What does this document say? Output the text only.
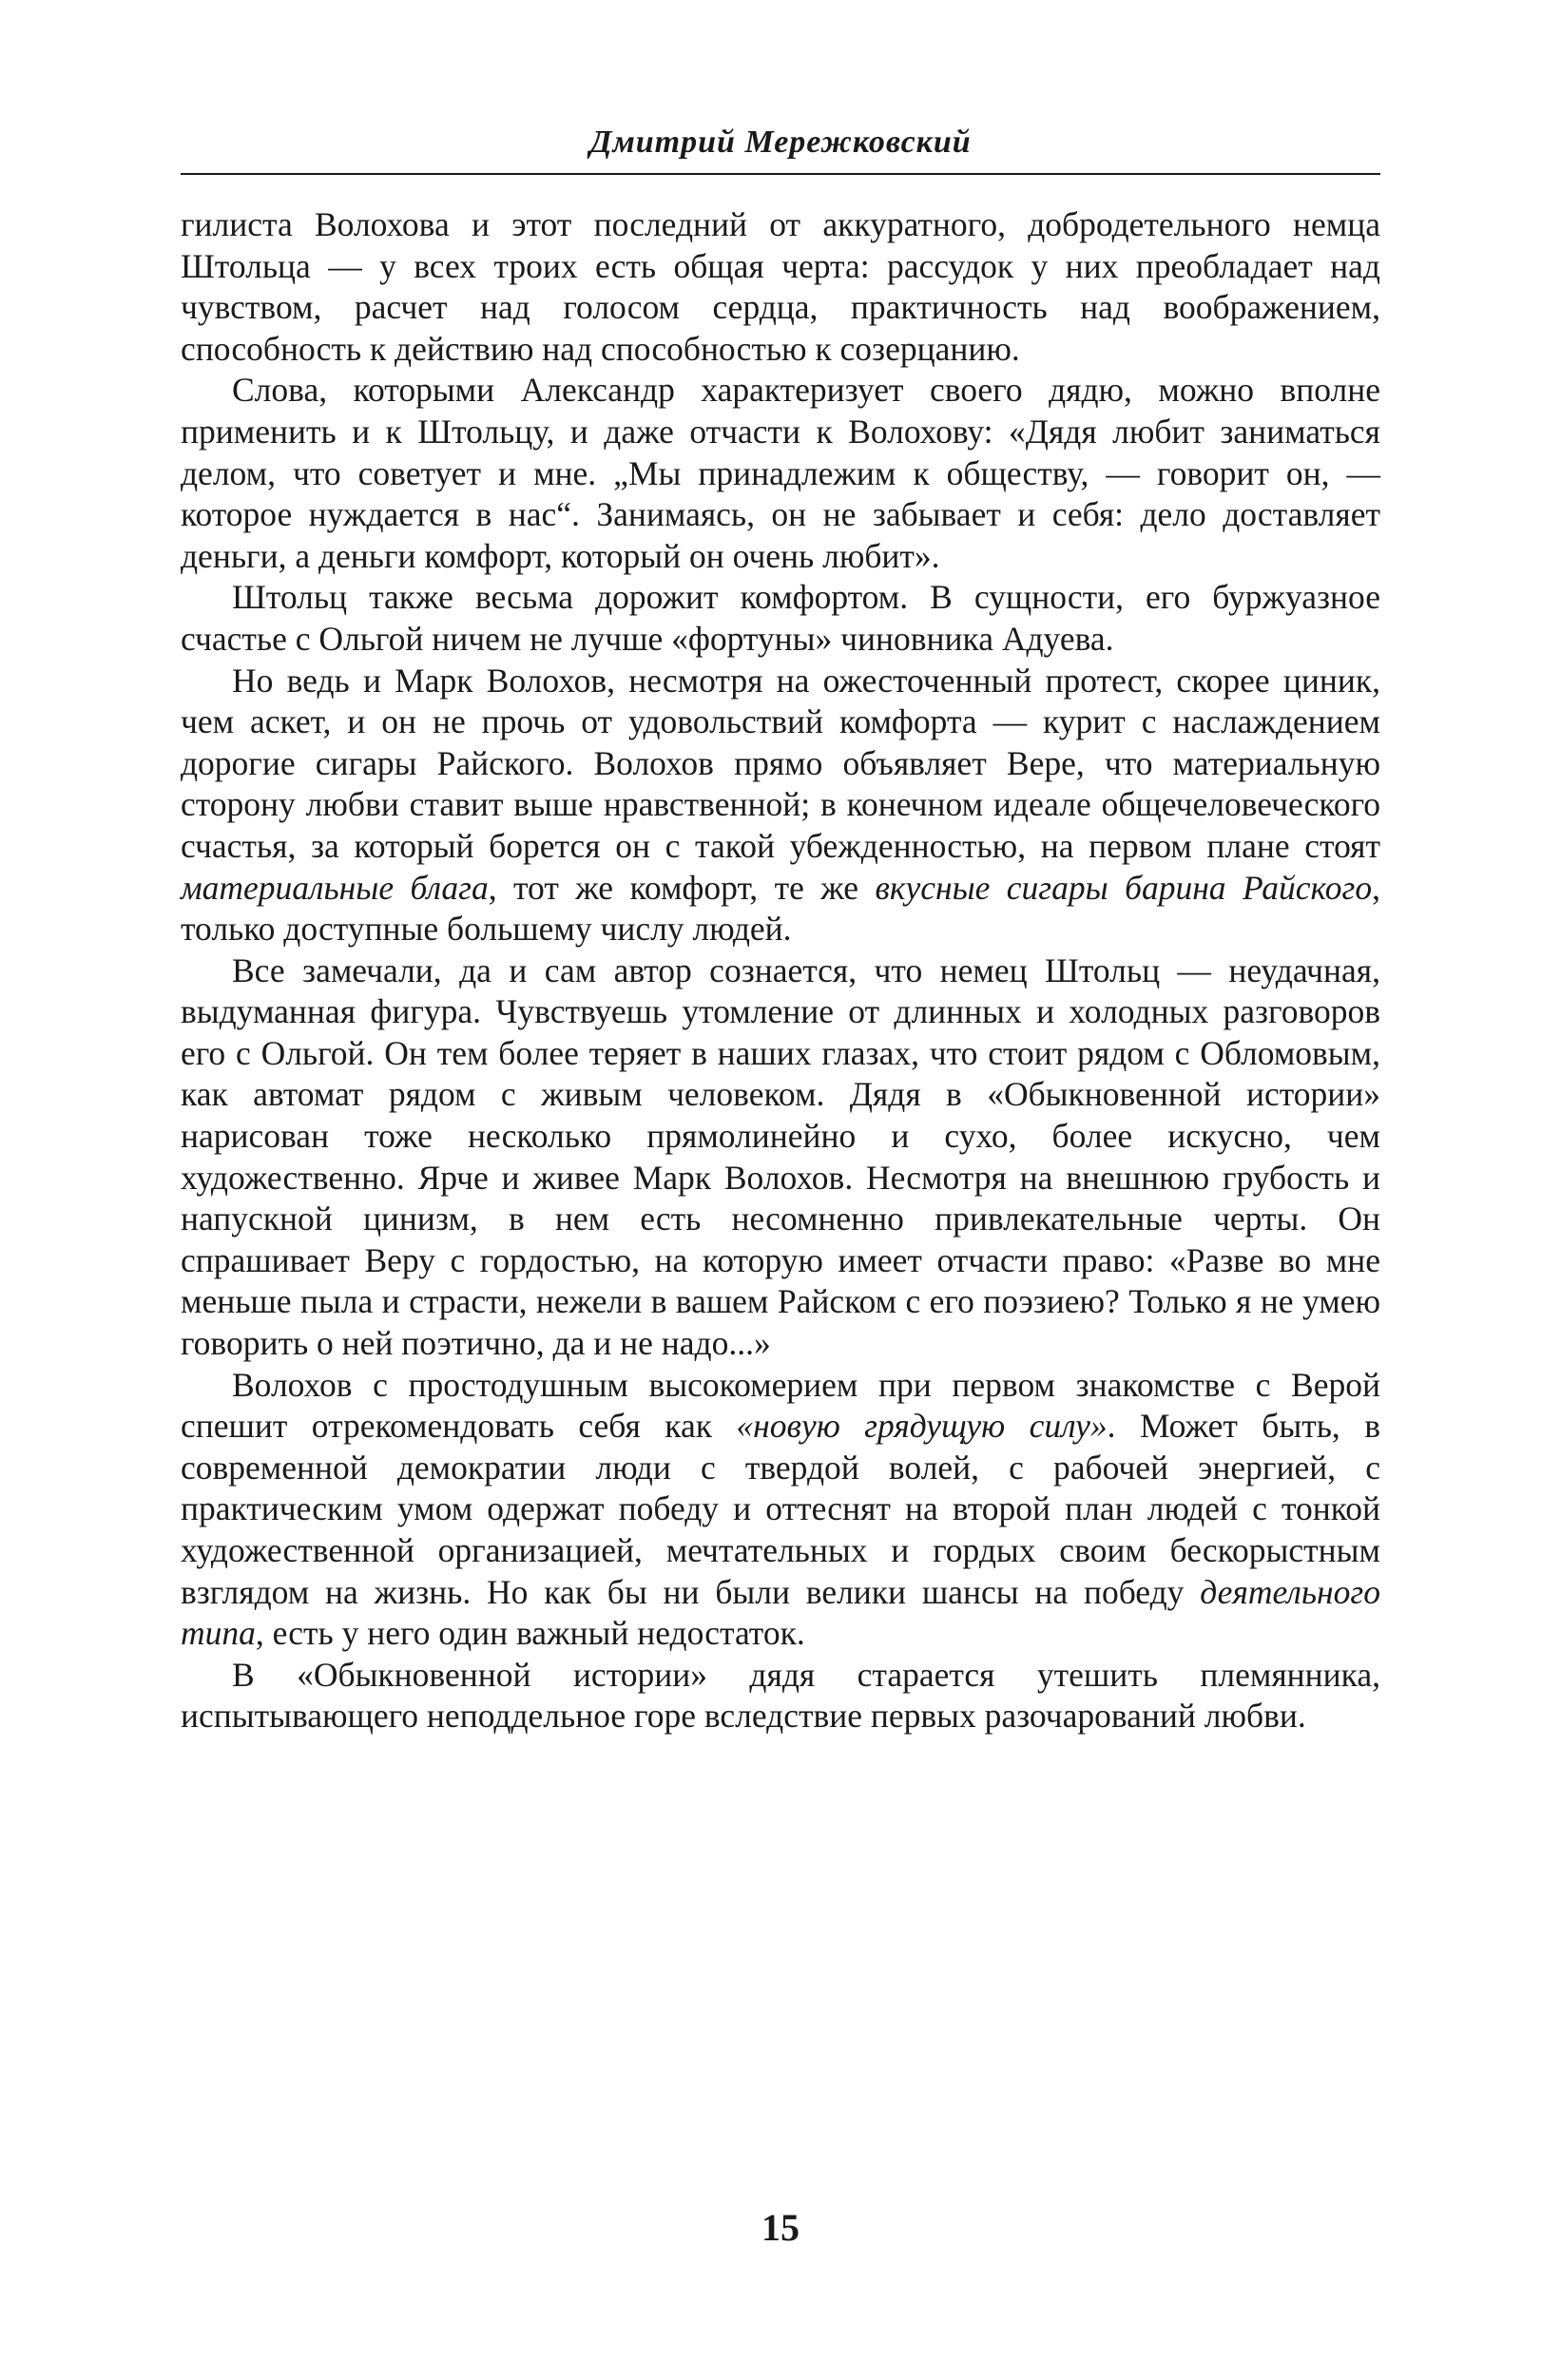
Дмитрий Мережковский

гилиста Волохова и этот последний от аккуратного, добродетельного немца Штольца — у всех троих есть общая черта: рассудок у них преобладает над чувством, расчет над голосом сердца, практичность над воображением, способность к действию над способностью к созерцанию.

Слова, которыми Александр характеризует своего дядю, можно вполне применить и к Штольцу, и даже отчасти к Волохову: «Дядя любит заниматься делом, что советует и мне. „Мы принадлежим к обществу, — говорит он, — которое нуждается в нас“. Занимаясь, он не забывает и себя: дело доставляет деньги, а деньги комфорт, который он очень любит».

Штольц также весьма дорожит комфортом. В сущности, его буржуазное счастье с Ольгой ничем не лучше «фортуны» чиновника Адуева.

Но ведь и Марк Волохов, несмотря на ожесточенный протест, скорее циник, чем аскет, и он не прочь от удовольствий комфорта — курит с наслаждением дорогие сигары Райского. Волохов прямо объявляет Вере, что материальную сторону любви ставит выше нравственной; в конечном идеале общечеловеческого счастья, за который борется он с такой убежденностью, на первом плане стоят материальные блага, тот же комфорт, те же вкусные сигары барина Райского, только доступные большему числу людей.

Все замечали, да и сам автор сознается, что немец Штольц — неудачная, выдуманная фигура. Чувствуешь утомление от длинных и холодных разговоров его с Ольгой. Он тем более теряет в наших глазах, что стоит рядом с Обломовым, как автомат рядом с живым человеком. Дядя в «Обыкновенной истории» нарисован тоже несколько прямолинейно и сухо, более искусно, чем художественно. Ярче и живее Марк Волохов. Несмотря на внешнюю грубость и напускной цинизм, в нем есть несомненно привлекательные черты. Он спрашивает Веру с гордостью, на которую имеет отчасти право: «Разве во мне меньше пыла и страсти, нежели в вашем Райском с его поэзиею? Только я не умею говорить о ней поэтично, да и не надо...»

Волохов с простодушным высокомерием при первом знакомстве с Верой спешит отрекомендовать себя как «новую грядущую силу». Может быть, в современной демократии люди с твердой волей, с рабочей энергией, с практическим умом одержат победу и оттеснят на второй план людей с тонкой художественной организацией, мечтательных и гордых своим бескорыстным взглядом на жизнь. Но как бы ни были велики шансы на победу деятельного типа, есть у него один важный недостаток.

В «Обыкновенной истории» дядя старается утешить племянника, испытывающего неподдельное горе вследствие первых разочарований любви.

15
